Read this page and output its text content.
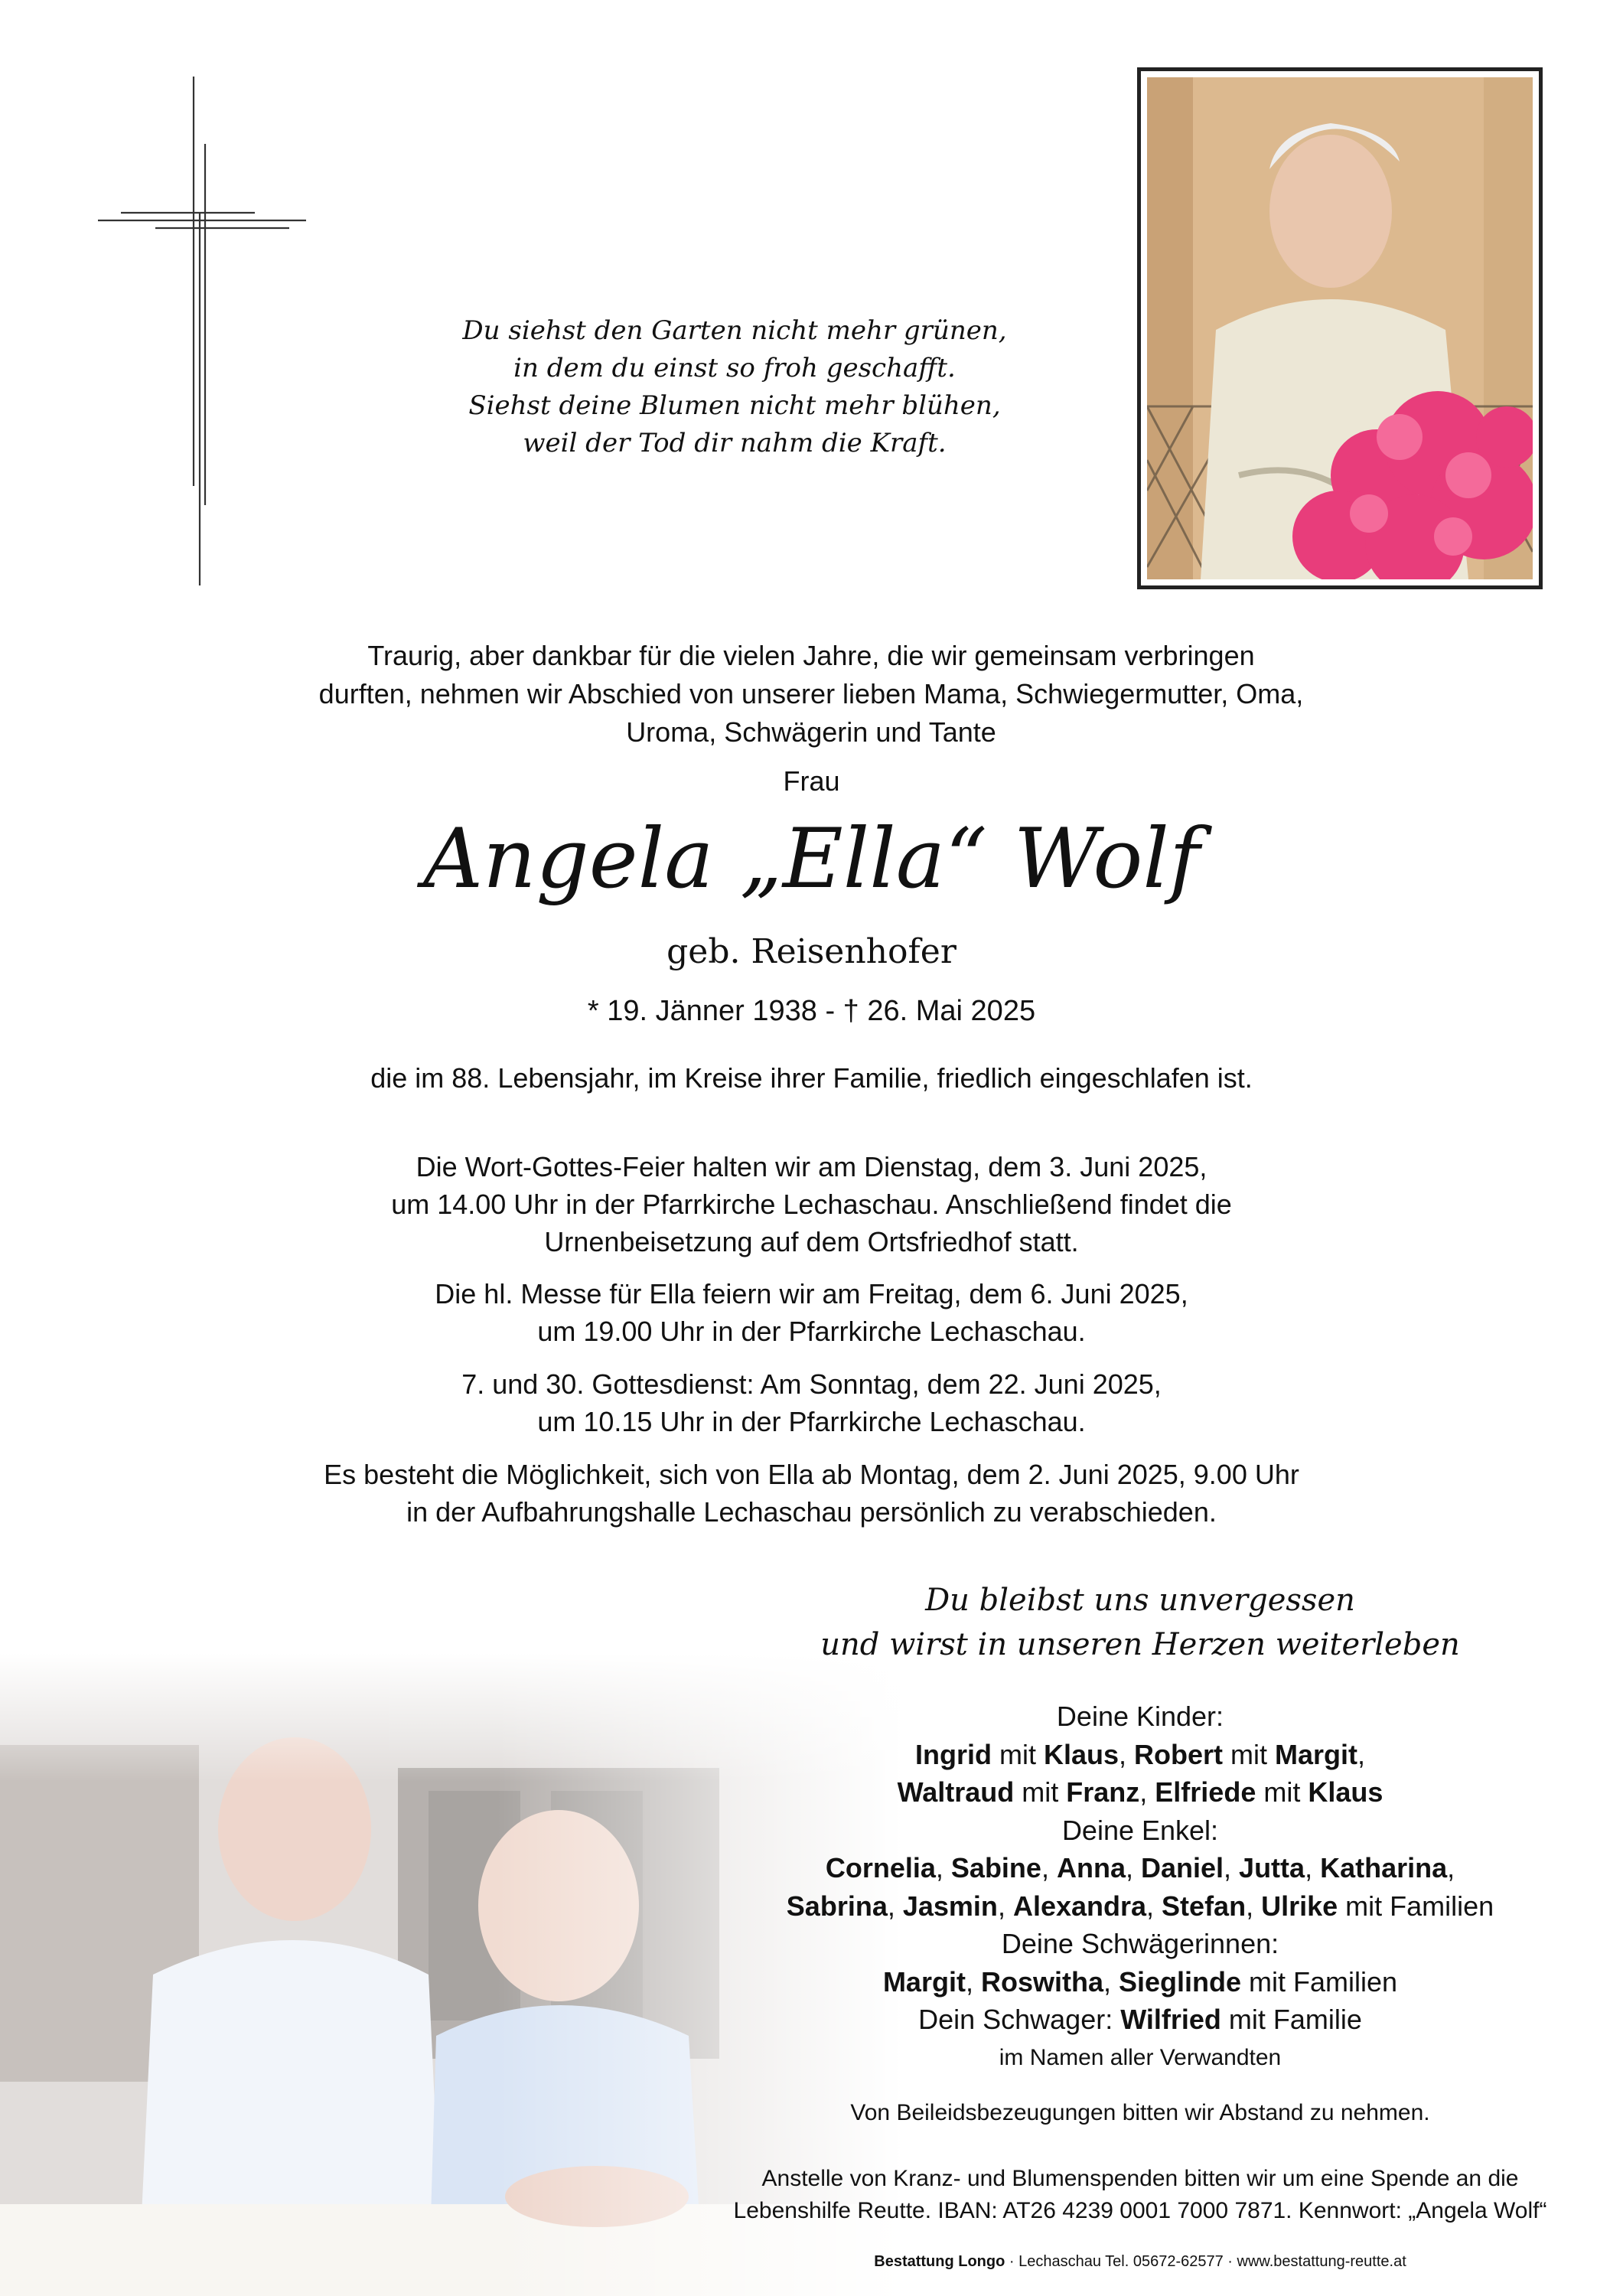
Du siehst den Garten nicht mehr grünen,
in dem du einst so froh geschafft.
Siehst deine Blumen nicht mehr blühen,
weil der Tod dir nahm die Kraft.
Traurig, aber dankbar für die vielen Jahre, die wir gemeinsam verbringen
durften, nehmen wir Abschied von unserer lieben Mama, Schwiegermutter, Oma,
Uroma, Schwägerin und Tante
Frau
Angela „Ella“ Wolf
geb. Reisenhofer
* 19. Jänner 1938 - † 26. Mai 2025
die im 88. Lebensjahr, im Kreise ihrer Familie, friedlich eingeschlafen ist.
Die Wort-Gottes-Feier halten wir am Dienstag, dem 3. Juni 2025,
um 14.00 Uhr in der Pfarrkirche Lechaschau. Anschließend findet die
Urnenbeisetzung auf dem Ortsfriedhof statt.
Die hl. Messe für Ella feiern wir am Freitag, dem 6. Juni 2025,
um 19.00 Uhr in der Pfarrkirche Lechaschau.
7. und 30. Gottesdienst: Am Sonntag, dem 22. Juni 2025,
um 10.15 Uhr in der Pfarrkirche Lechaschau.
Es besteht die Möglichkeit, sich von Ella ab Montag, dem 2. Juni 2025, 9.00 Uhr
in der Aufbahrungshalle Lechaschau persönlich zu verabschieden.
Du bleibst uns unvergessen
und wirst in unseren Herzen weiterleben
Deine Kinder:
Ingrid mit Klaus, Robert mit Margit,
Waltraud mit Franz, Elfriede mit Klaus
Deine Enkel:
Cornelia, Sabine, Anna, Daniel, Jutta, Katharina,
Sabrina, Jasmin, Alexandra, Stefan, Ulrike mit Familien
Deine Schwägerinnen:
Margit, Roswitha, Sieglinde mit Familien
Dein Schwager: Wilfried mit Familie
im Namen aller Verwandten
Von Beileidsbezeugungen bitten wir Abstand zu nehmen.
Anstelle von Kranz- und Blumenspenden bitten wir um eine Spende an die
Lebenshilfe Reutte. IBAN: AT26 4239 0001 7000 7871. Kennwort: „Angela Wolf“
Bestattung Longo · Lechaschau Tel. 05672-62577 · www.bestattung-reutte.at
